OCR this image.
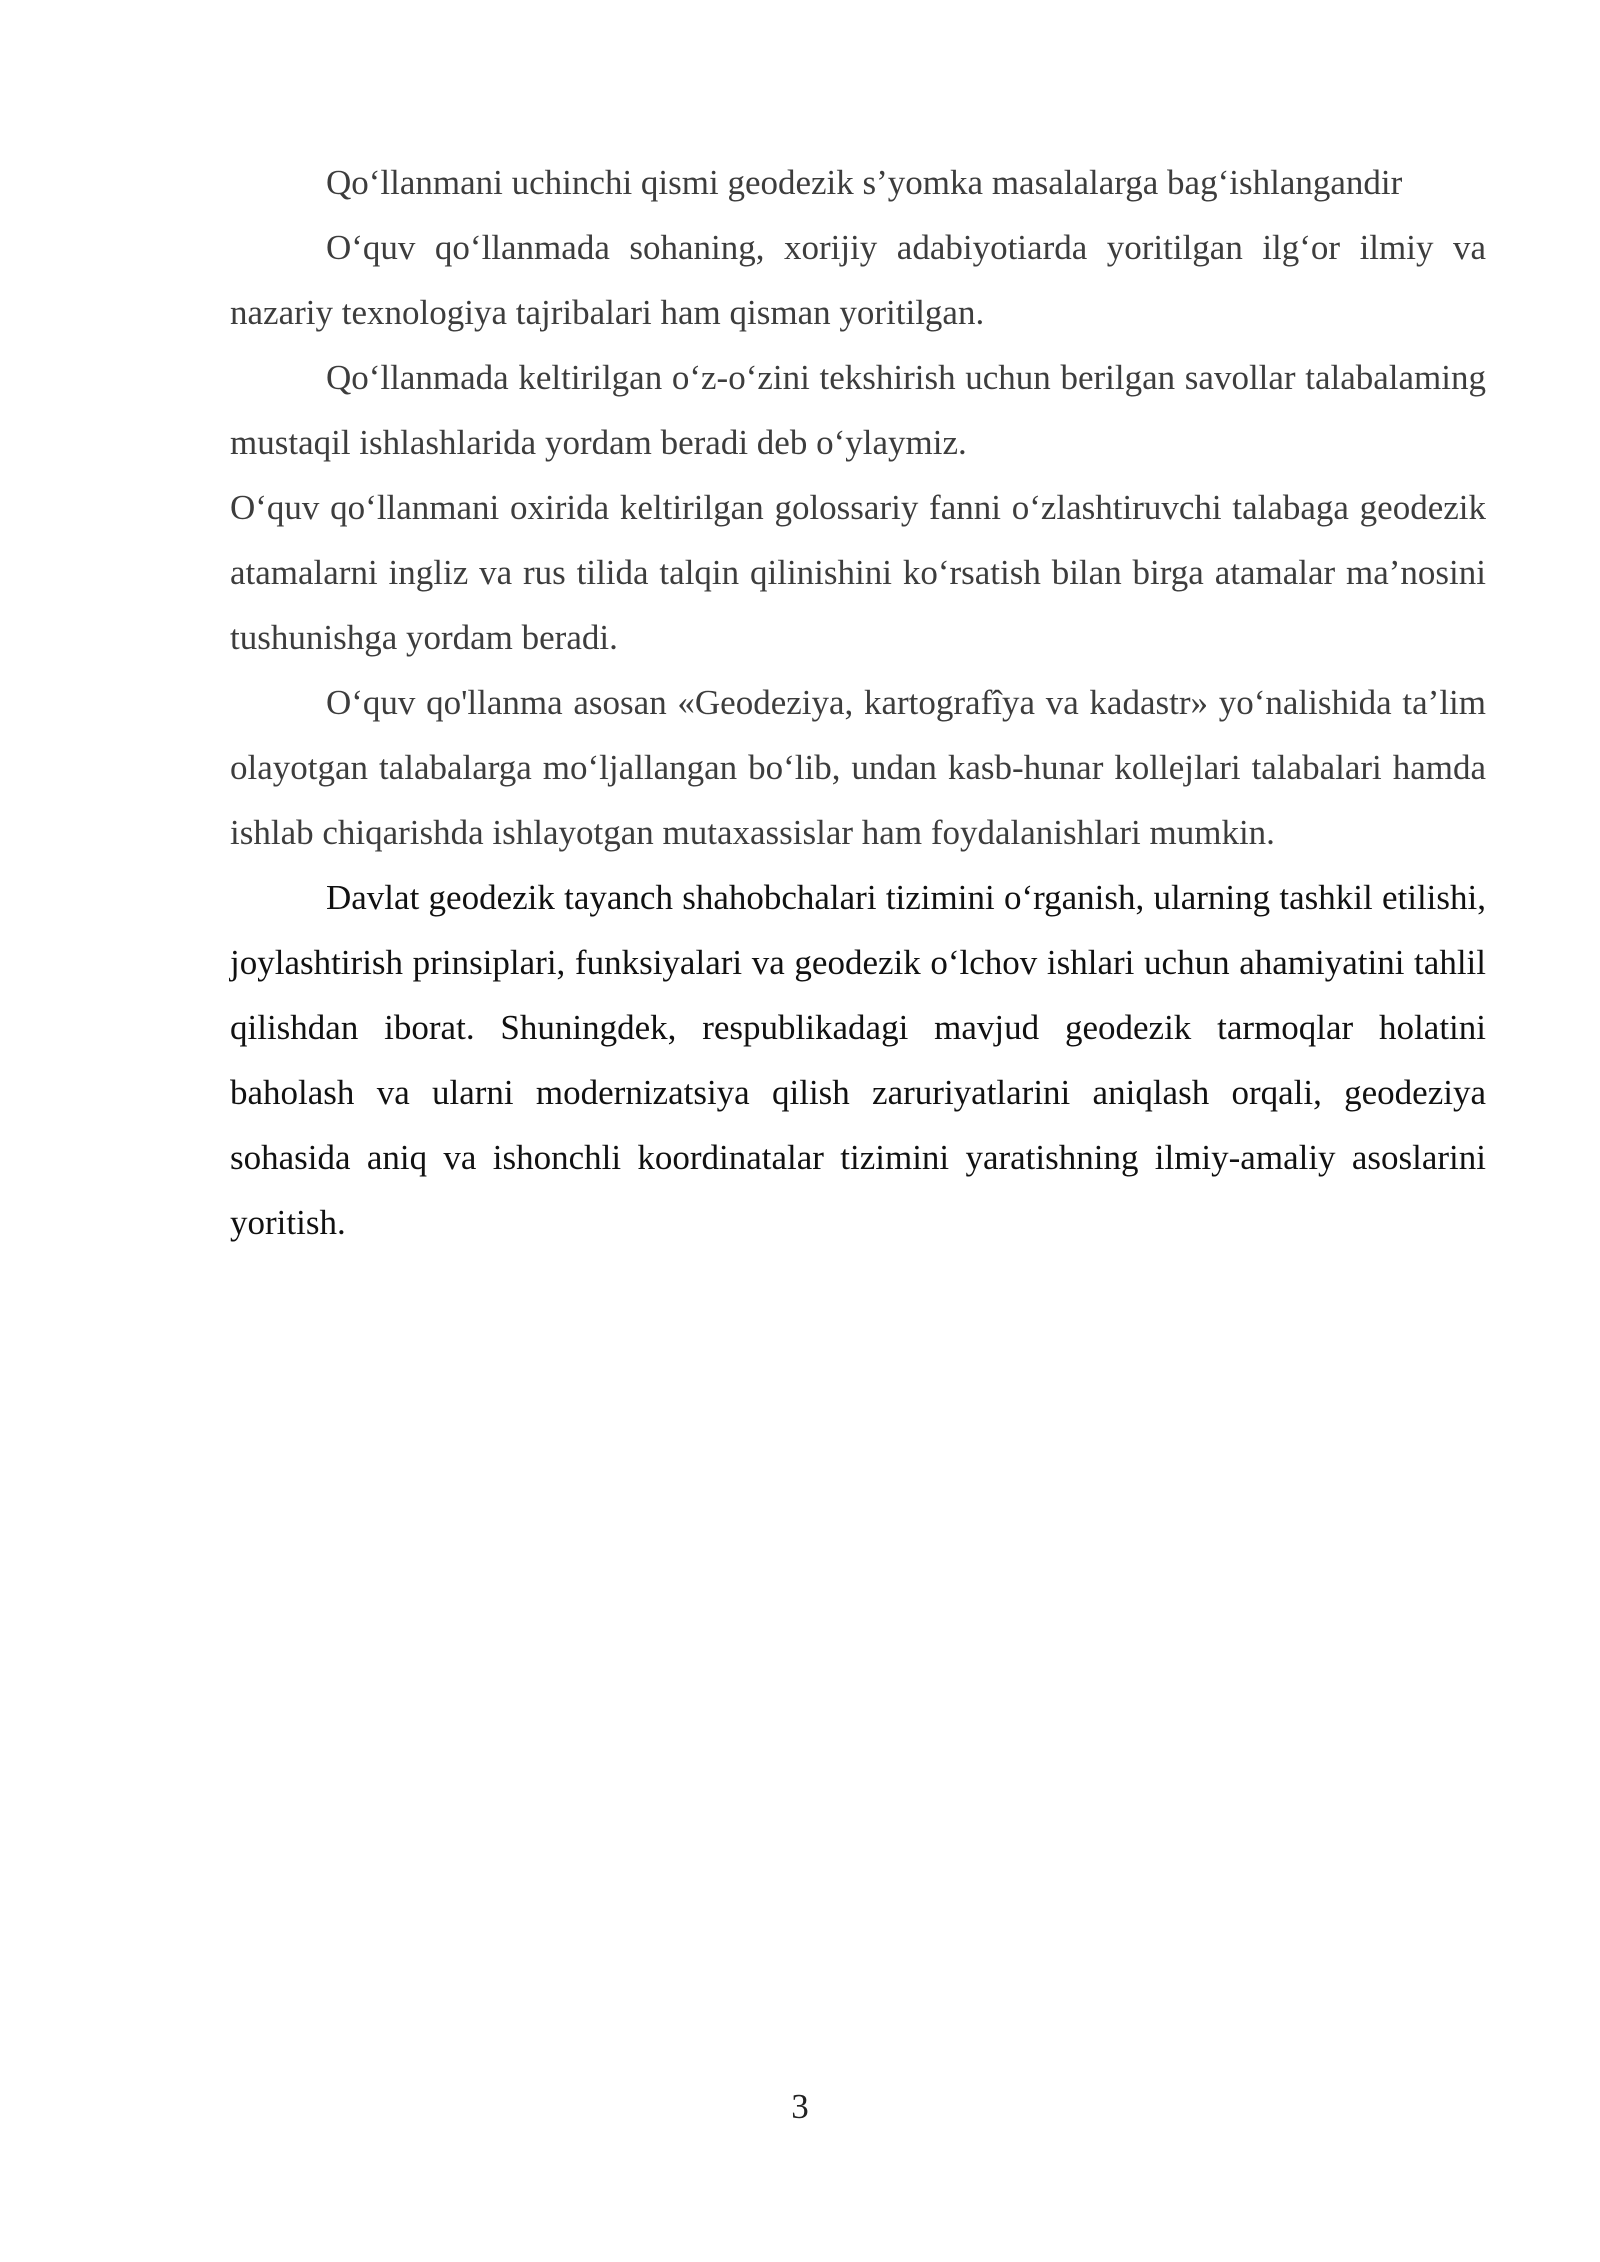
Qo‘llanmani uchinchi qismi geodezik s’yomka masalalarga bag‘ishlangandir

O‘quv qo‘llanmada sohaning, xorijiy adabiyotiarda yoritilgan ilg‘or ilmiy va nazariy texnologiya tajribalari ham qisman yoritilgan.

Qo‘llanmada keltirilgan o‘z-o‘zini tekshirish uchun berilgan savollar talabalaming mustaqil ishlashlarida yordam beradi deb o‘ylaymiz.

O‘quv qo‘llanmani oxirida keltirilgan golossariy fanni o‘zlashtiruvchi talabaga geodezik atamalarni ingliz va rus tilida talqin qilinishini ko‘rsatish bilan birga atamalar ma’nosini tushunishga yordam beradi.

O‘quv qo'llanma asosan «Geodeziya, kartografîya va kadastr» yo‘nalishida ta’lim olayotgan talabalarga mo‘ljallangan bo‘lib, undan kasb-hunar kollejlari talabalari hamda ishlab chiqarishda ishlayotgan mutaxassislar ham foydalanishlari mumkin.

Davlat geodezik tayanch shahobchalari tizimini o‘rganish, ularning tashkil etilishi, joylashtirish prinsiplari, funksiyalari va geodezik o‘lchov ishlari uchun ahamiyatini tahlil qilishdan iborat. Shuningdek, respublikadagi mavjud geodezik tarmoqlar holatini baholash va ularni modernizatsiya qilish zaruriyatlarini aniqlash orqali, geodeziya sohasida aniq va ishonchli koordinatalar tizimini yaratishning ilmiy-amaliy asoslarini yoritish.

3
